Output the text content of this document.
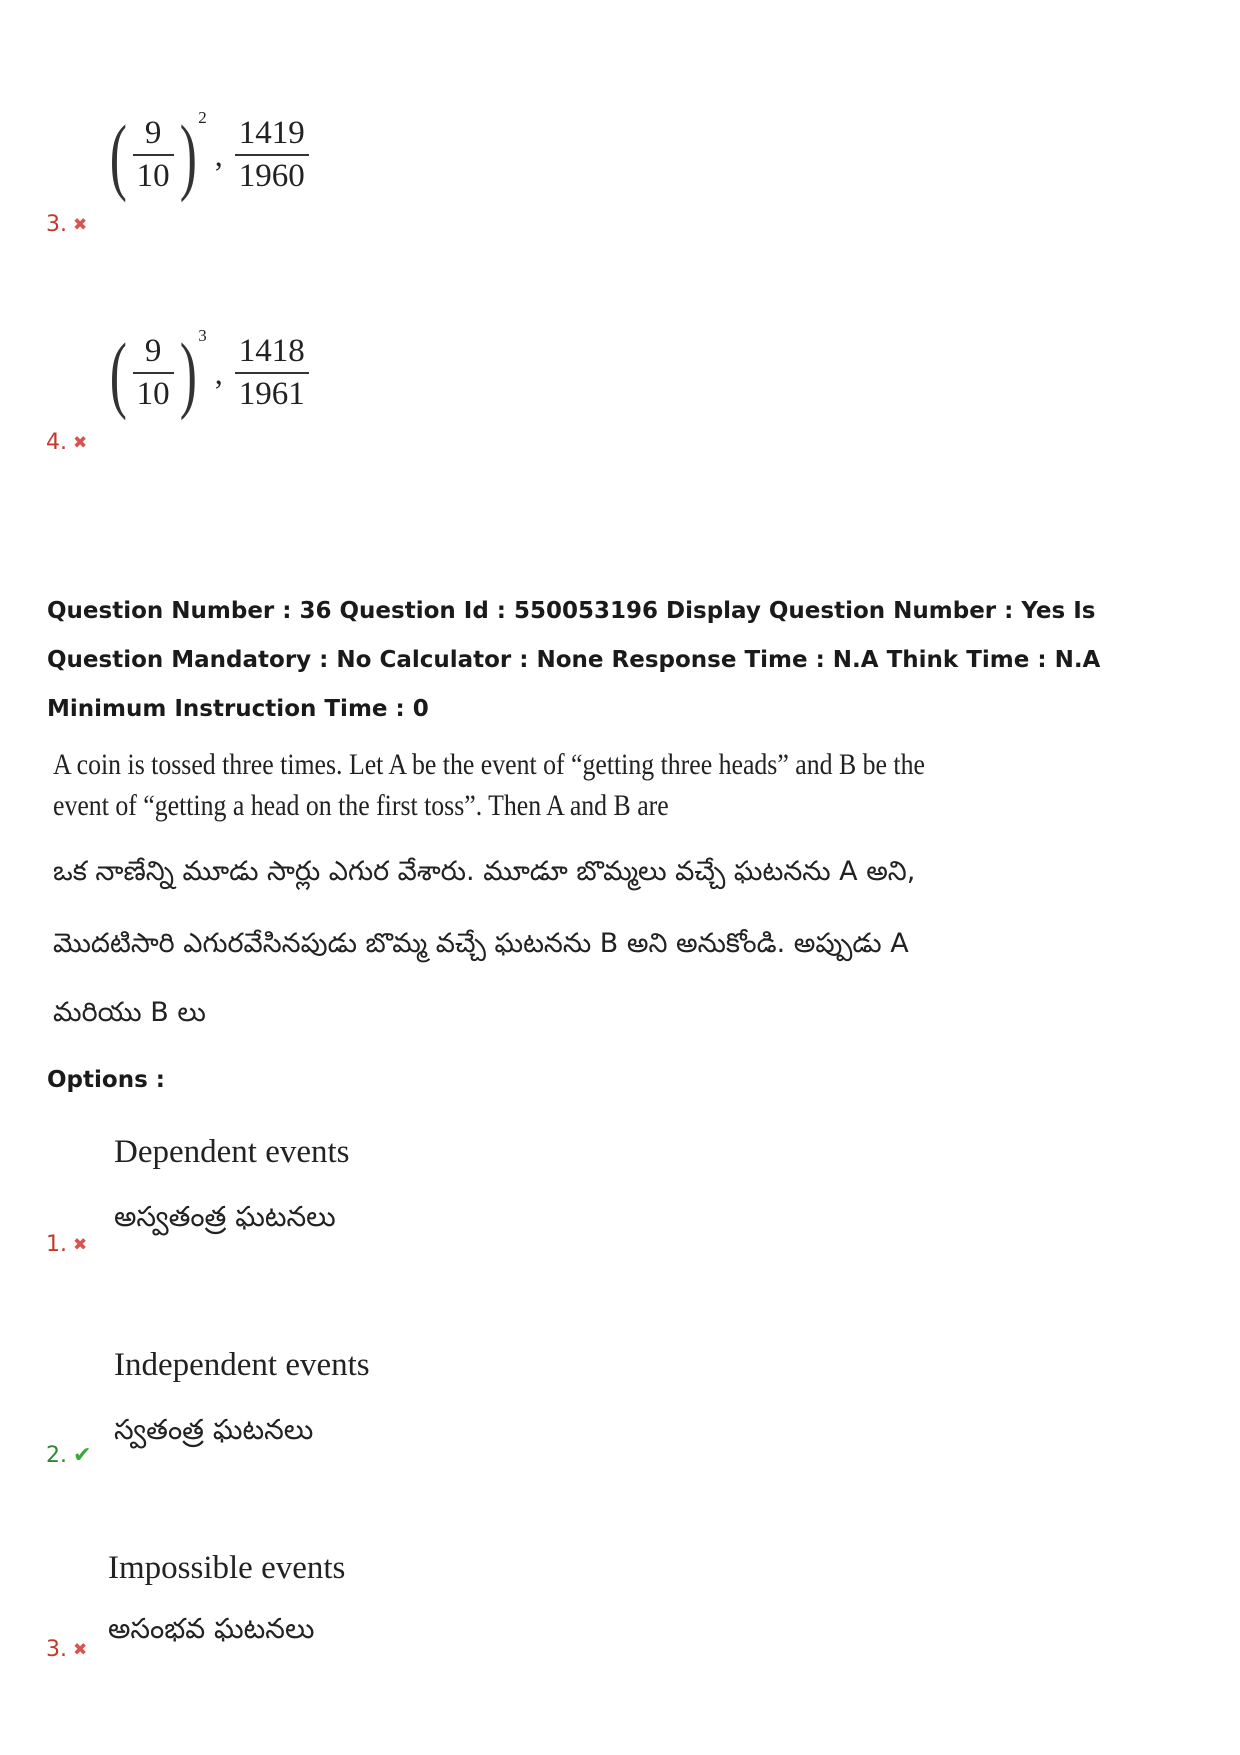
( $\frac{9}{10}$ ) 2
, $\frac{1419}{1960}$
3. ✖
( $\frac{9}{10}$ ) 3
, $\frac{1418}{1961}$
4. ✖
Question Number : 36 Question Id : 550053196 Display Question Number : Yes Is Question Mandatory : No Calculator : None Response Time : N.A Think Time : N.A Minimum Instruction Time : 0
A coin is tossed three times. Let A be the event of “getting three heads” and B be the
event of “getting a head on the first toss”. Then A and B are
ఒక నాణేన్ని మూడు సార్లు ఎగుర వేశారు. మూడూ బొమ్మలు వచ్చే ఘటనను A అని,
మొదటిసారి ఎగురవేసినపుడు బొమ్మ వచ్చే ఘటనను B అని అనుకోండి. అప్పుడు A
మరియు B లు
Options :
Dependent events
అస్వతంత్ర ఘటనలు
1. ✖
Independent events
స్వతంత్ర ఘటనలు
2. ✔
Impossible events
అసంభవ ఘటనలు
3. ✖
